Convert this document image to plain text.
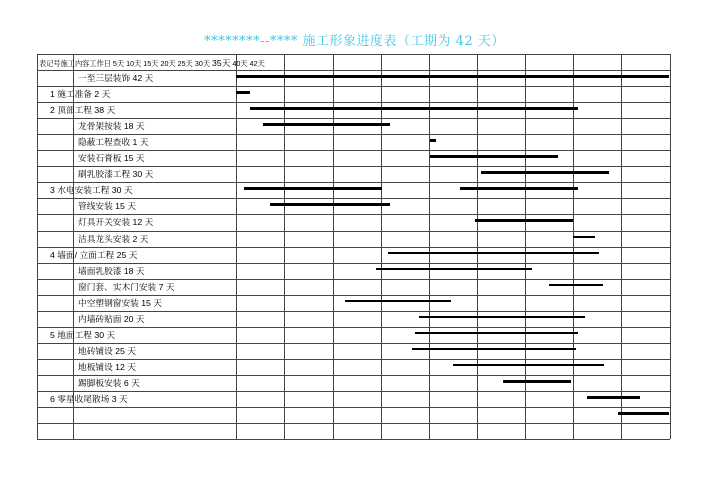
********--**** 施工形象进度表（工期为 42 天）
表记号施工内容工作日 5天 10天 15天 20天 25天 30天 35天 40天 42天
一至三层装饰 42 天
1 施工准备 2 天
2 顶部工程 38 天
龙骨架按装 18 天
隐蔽工程查收 1 天
安装石膏板 15 天
刷乳胶漆工程 30 天
3 水电安装工程 30 天
管线安装 15 天
灯具开关安装 12 天
洁具龙头安装 2 天
4 墙面/ 立面工程 25 天
墙面乳胶漆 18 天
窗门套、实木门安装 7 天
中空塑钢窗安装 15 天
内墙砖贴面 20 天
5 地面工程 30 天
地砖铺设 25 天
地板铺设 12 天
踢脚板安装 6 天
6 零星收尾散场 3 天
